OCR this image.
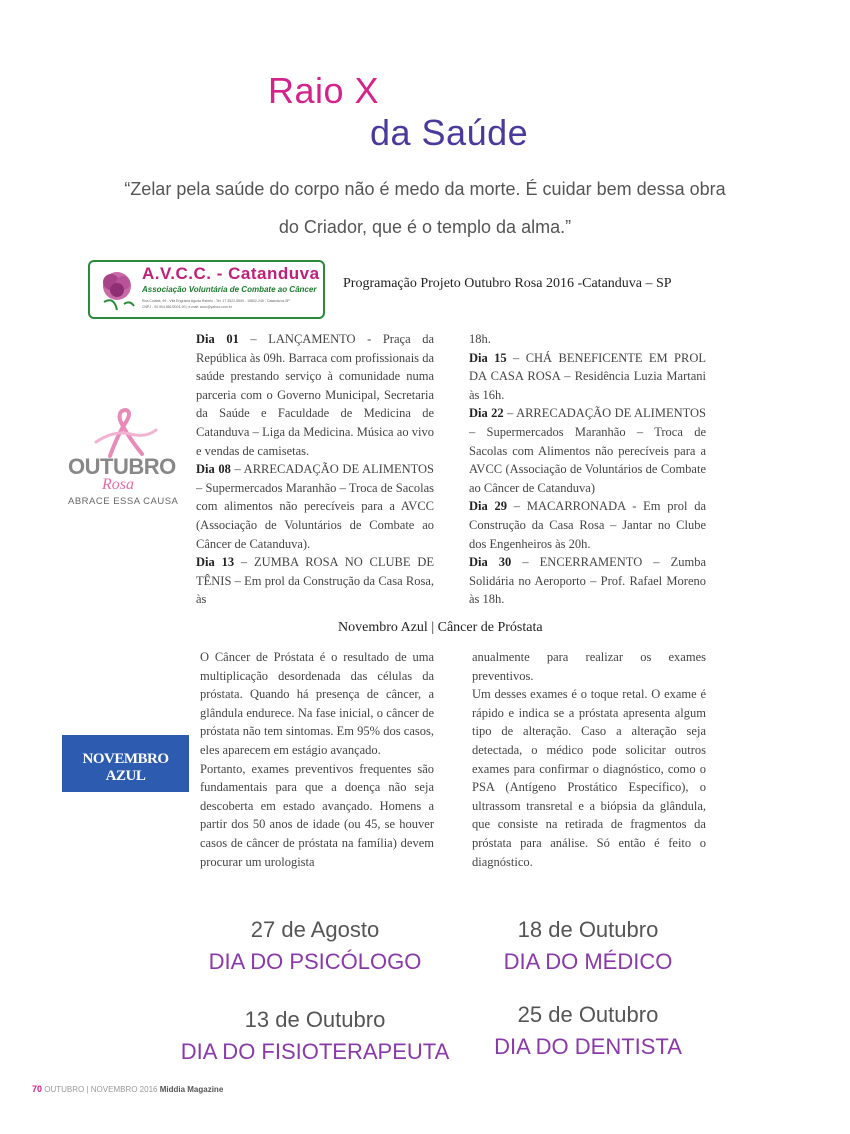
Raio X
da Saúde
“Zelar pela saúde do corpo não é medo da morte. É cuidar bem dessa obra
do Criador, que é o templo da alma.”
A.V.C.C. - Catanduva
Associação Voluntária de Combate ao Câncer
Rua Cuiabá, 99 - Vila Engrácia Aguda Rabelo - Tel: 17 3522-5500 - 15802-245 - Catanduva-SP
CNPJ - 00.904.881/0001-00 | e-mail: avcc@yahoo.com.br
Programação Projeto Outubro Rosa 2016 -Catanduva – SP

Dia 01 – LANÇAMENTO - Praça da República às 09h. Barraca com profissionais da saúde prestando serviço à comunidade numa parceria com o Governo Municipal, Secretaria da Saúde e Faculdade de Medicina de Catanduva – Liga da Medicina. Música ao vivo e vendas de camisetas.

Dia 08 – ARRECADAÇÃO DE ALIMENTOS – Supermercados Maranhão – Troca de Sacolas com alimentos não perecíveis para a AVCC (Associação de Voluntários de Combate ao Câncer de Catanduva).

Dia 13 – ZUMBA ROSA NO CLUBE DE TÊNIS – Em prol da Construção da Casa Rosa, às

18h.

Dia 15 – CHÁ BENEFICENTE EM PROL DA CASA ROSA – Residência Luzia Martani às 16h.

Dia 22 – ARRECADAÇÃO DE ALIMENTOS – Supermercados Maranhão – Troca de Sacolas com Alimentos não perecíveis para a AVCC (Associação de Voluntários de Combate ao Câncer de Catanduva)

Dia 29 – MACARRONADA - Em prol da Construção da Casa Rosa – Jantar no Clube dos Engenheiros às 20h.

Dia 30 – ENCERRAMENTO – Zumba Solidária no Aeroporto – Prof. Rafael Moreno às 18h.

OUTUBRO
Rosa
ABRACE ESSA CAUSA
Novembro Azul | Câncer de Próstata

O Câncer de Próstata é o resultado de uma multiplicação desordenada das células da próstata. Quando há presença de câncer, a glândula endurece. Na fase inicial, o câncer de próstata não tem sintomas. Em 95% dos casos, eles aparecem em estágio avançado.

Portanto, exames preventivos frequentes são fundamentais para que a doença não seja descoberta em estado avançado. Homens a partir dos 50 anos de idade (ou 45, se houver casos de câncer de próstata na família) devem procurar um urologista

anualmente para realizar os exames preventivos.

Um desses exames é o toque retal. O exame é rápido e indica se a próstata apresenta algum tipo de alteração. Caso a alteração seja detectada, o médico pode solicitar outros exames para confirmar o diagnóstico, como o PSA (Antígeno Prostático Específico), o ultrassom transretal e a biópsia da glândula, que consiste na retirada de fragmentos da próstata para análise. Só então é feito o diagnóstico.

NOVEMBRO AZUL
27 de Agosto
DIA DO PSICÓLOGO
18 de Outubro
DIA DO MÉDICO
13 de Outubro
DIA DO FISIOTERAPEUTA
25 de Outubro
DIA DO DENTISTA
70 OUTUBRO | NOVEMBRO 2016 Middia Magazine
